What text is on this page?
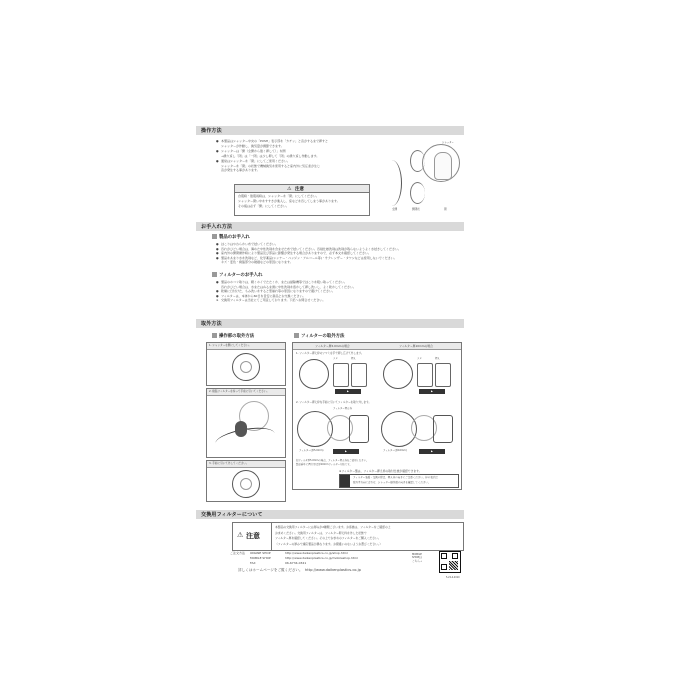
操作方法
● 本製品はシャッター中央の「PUSH」表示部を「カチッ」と音がするまで押すと
シャッターが作動し、換気量が調節できます。
● シャッターは「開（全開から強く押して）」を開
→繰り返し「閉」は「一閉」は少し押して「閉」の繰り返し作動します。
● 通常はシャッターを「閉」にしてご使用ください。
シャッターを「閉」の状態で機械換気を使用すると室内外に気圧差が生じ
音が発生する事があります。
⚠ 注意
台風時・強風雨時は、シャッターを「閉」にしてください。
シャッター閉い中をすすきが進入し、窓などを汚してしまう事があります。
その後は必ず「開」にしてください。
全開	開閉状	閉
シャッター
お手入れ方法
製品のお手入れ
● ほこりはやわらかい布で拭いてください。
● 汚れがひどい場合は、薄めた中性洗剤を含ませた布で拭いてください。汚削仕様洗剤は洗剤が残らないようよく水拭きしてください。
● 室内外の開閉操作時により製品及び部品に影響が発生する場合がありますので、必ず本文を確認してください。
● 製品をあまり水を洗剤など、化学薬品(シンナー・ベンジン・アルコール等)・サクレンザー・タワシなどは使用しないでください。
キズ・変色・樹脂部分の破損などの原因になります。
フィルターのお手入れ
● 製品のホコリ取りは、軽くホイでたたくか、または掃除機等でほこりを吸い取ってください。
汚れがひどい場合は、水またはぬるま湯に中性洗剤を溶かして押し洗いし、よく乾かしてください。
● 乾燥に日付けた、もみ洗いをすると型崩れ等の原因になりますので避けてください。
● フィルターは、本体から60日を目安に新品とお交換ください。
※ 交換用フィルターは当社にてご用意しております。下記へお問合せください。
取外方法
操作部の取外方法
1. シャッターを開にしてください。
2. 樹脂フィルターを持って手前に引いてください。
3. 手前に引いて外してください。
フィルターの取外方法
フィルター厚5.0mmの場合	フィルター厚10mmの場合
1. フィルター押え枠のツマミを手で押し広げて外します。
▶	▶
ツメ	押え	ツメ	押え
2. フィルター押え枠を手前に引いてフィルターを取り外します。
フィルター押え枠
フィルター(厚5.0mm)	フィルター(厚10mm)
▶	▶
旧フィルタ厚5.0mmの場合、フィルター押え枠をご使用ください。
製品番号に(F)付きは厚10mmフィルター対応です。
※フィルター製は、フィルター押え枠の取付仕様が確認できます。
フィルター装着・交換の際は、押え枠の向きにご注意ください。枠の表示は
取外手方向に合わせ、シャッター操作部の向きを確認してください。
交換用フィルターについて
⚠ 注意
本製品の交換用フィルターには厚みが2種類ございます。お客様は、フィルターをご確認の上
お求めください。交換用フィルターは、フィルター押え枠を外した状態で
フィルター厚を確認してください。その上でお求めのフィルターをご購入ください。
（フィルターの厚みで適応製品が異なります。お間違いのないようお選びください。）
ご注文方法 ONLINE SHOP	http://www.daikenplastics.co.jp/shop.html
MOBILE SHOP	http://www.daikenplastics.co.jp/mobileshop.html
FAX	06-6734-0341
詳しくはホームページをご覧ください。 http://www.daikenplastics.co.jp
MOBILE
SHOPは
こちら→
5-22-4-2010
